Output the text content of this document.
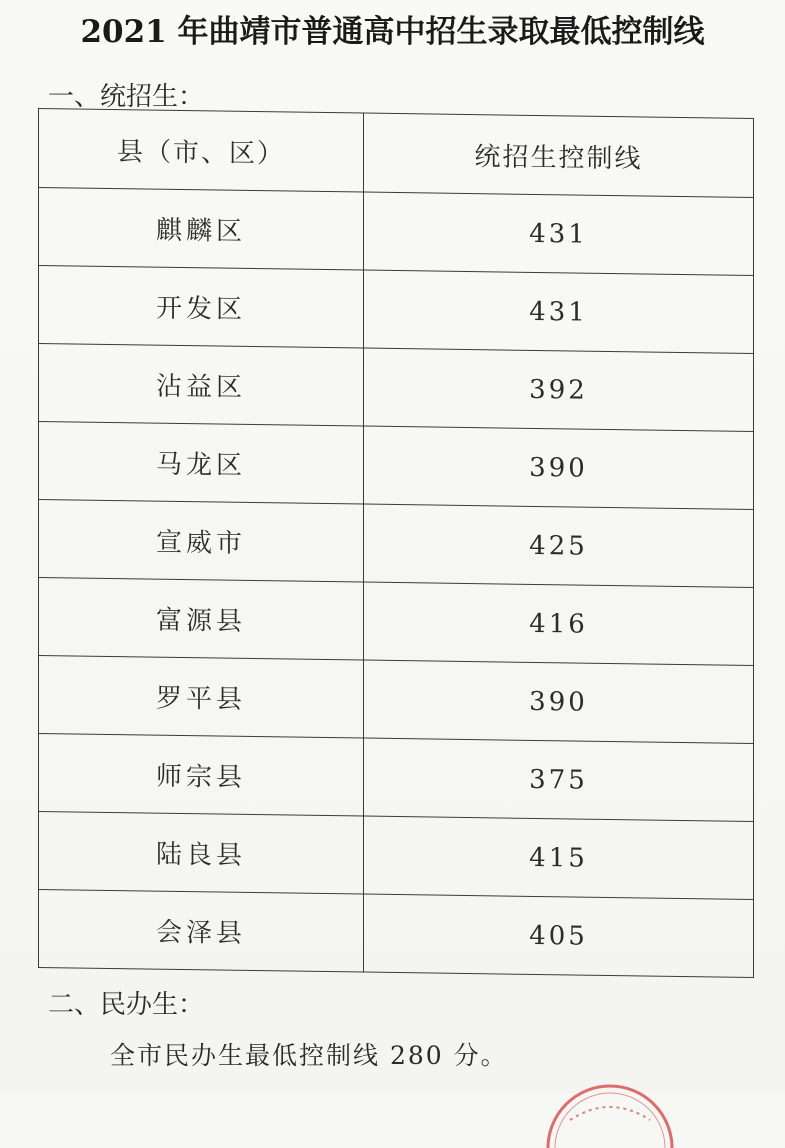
2021 年曲靖市普通高中招生录取最低控制线
一、统招生：
县（市、区）	统招生控制线
麒麟区	431
开发区	431
沾益区	392
马龙区	390
宣威市	425
富源县	416
罗平县	390
师宗县	375
陆良县	415
会泽县	405
二、民办生：
全市民办生最低控制线 280 分。
